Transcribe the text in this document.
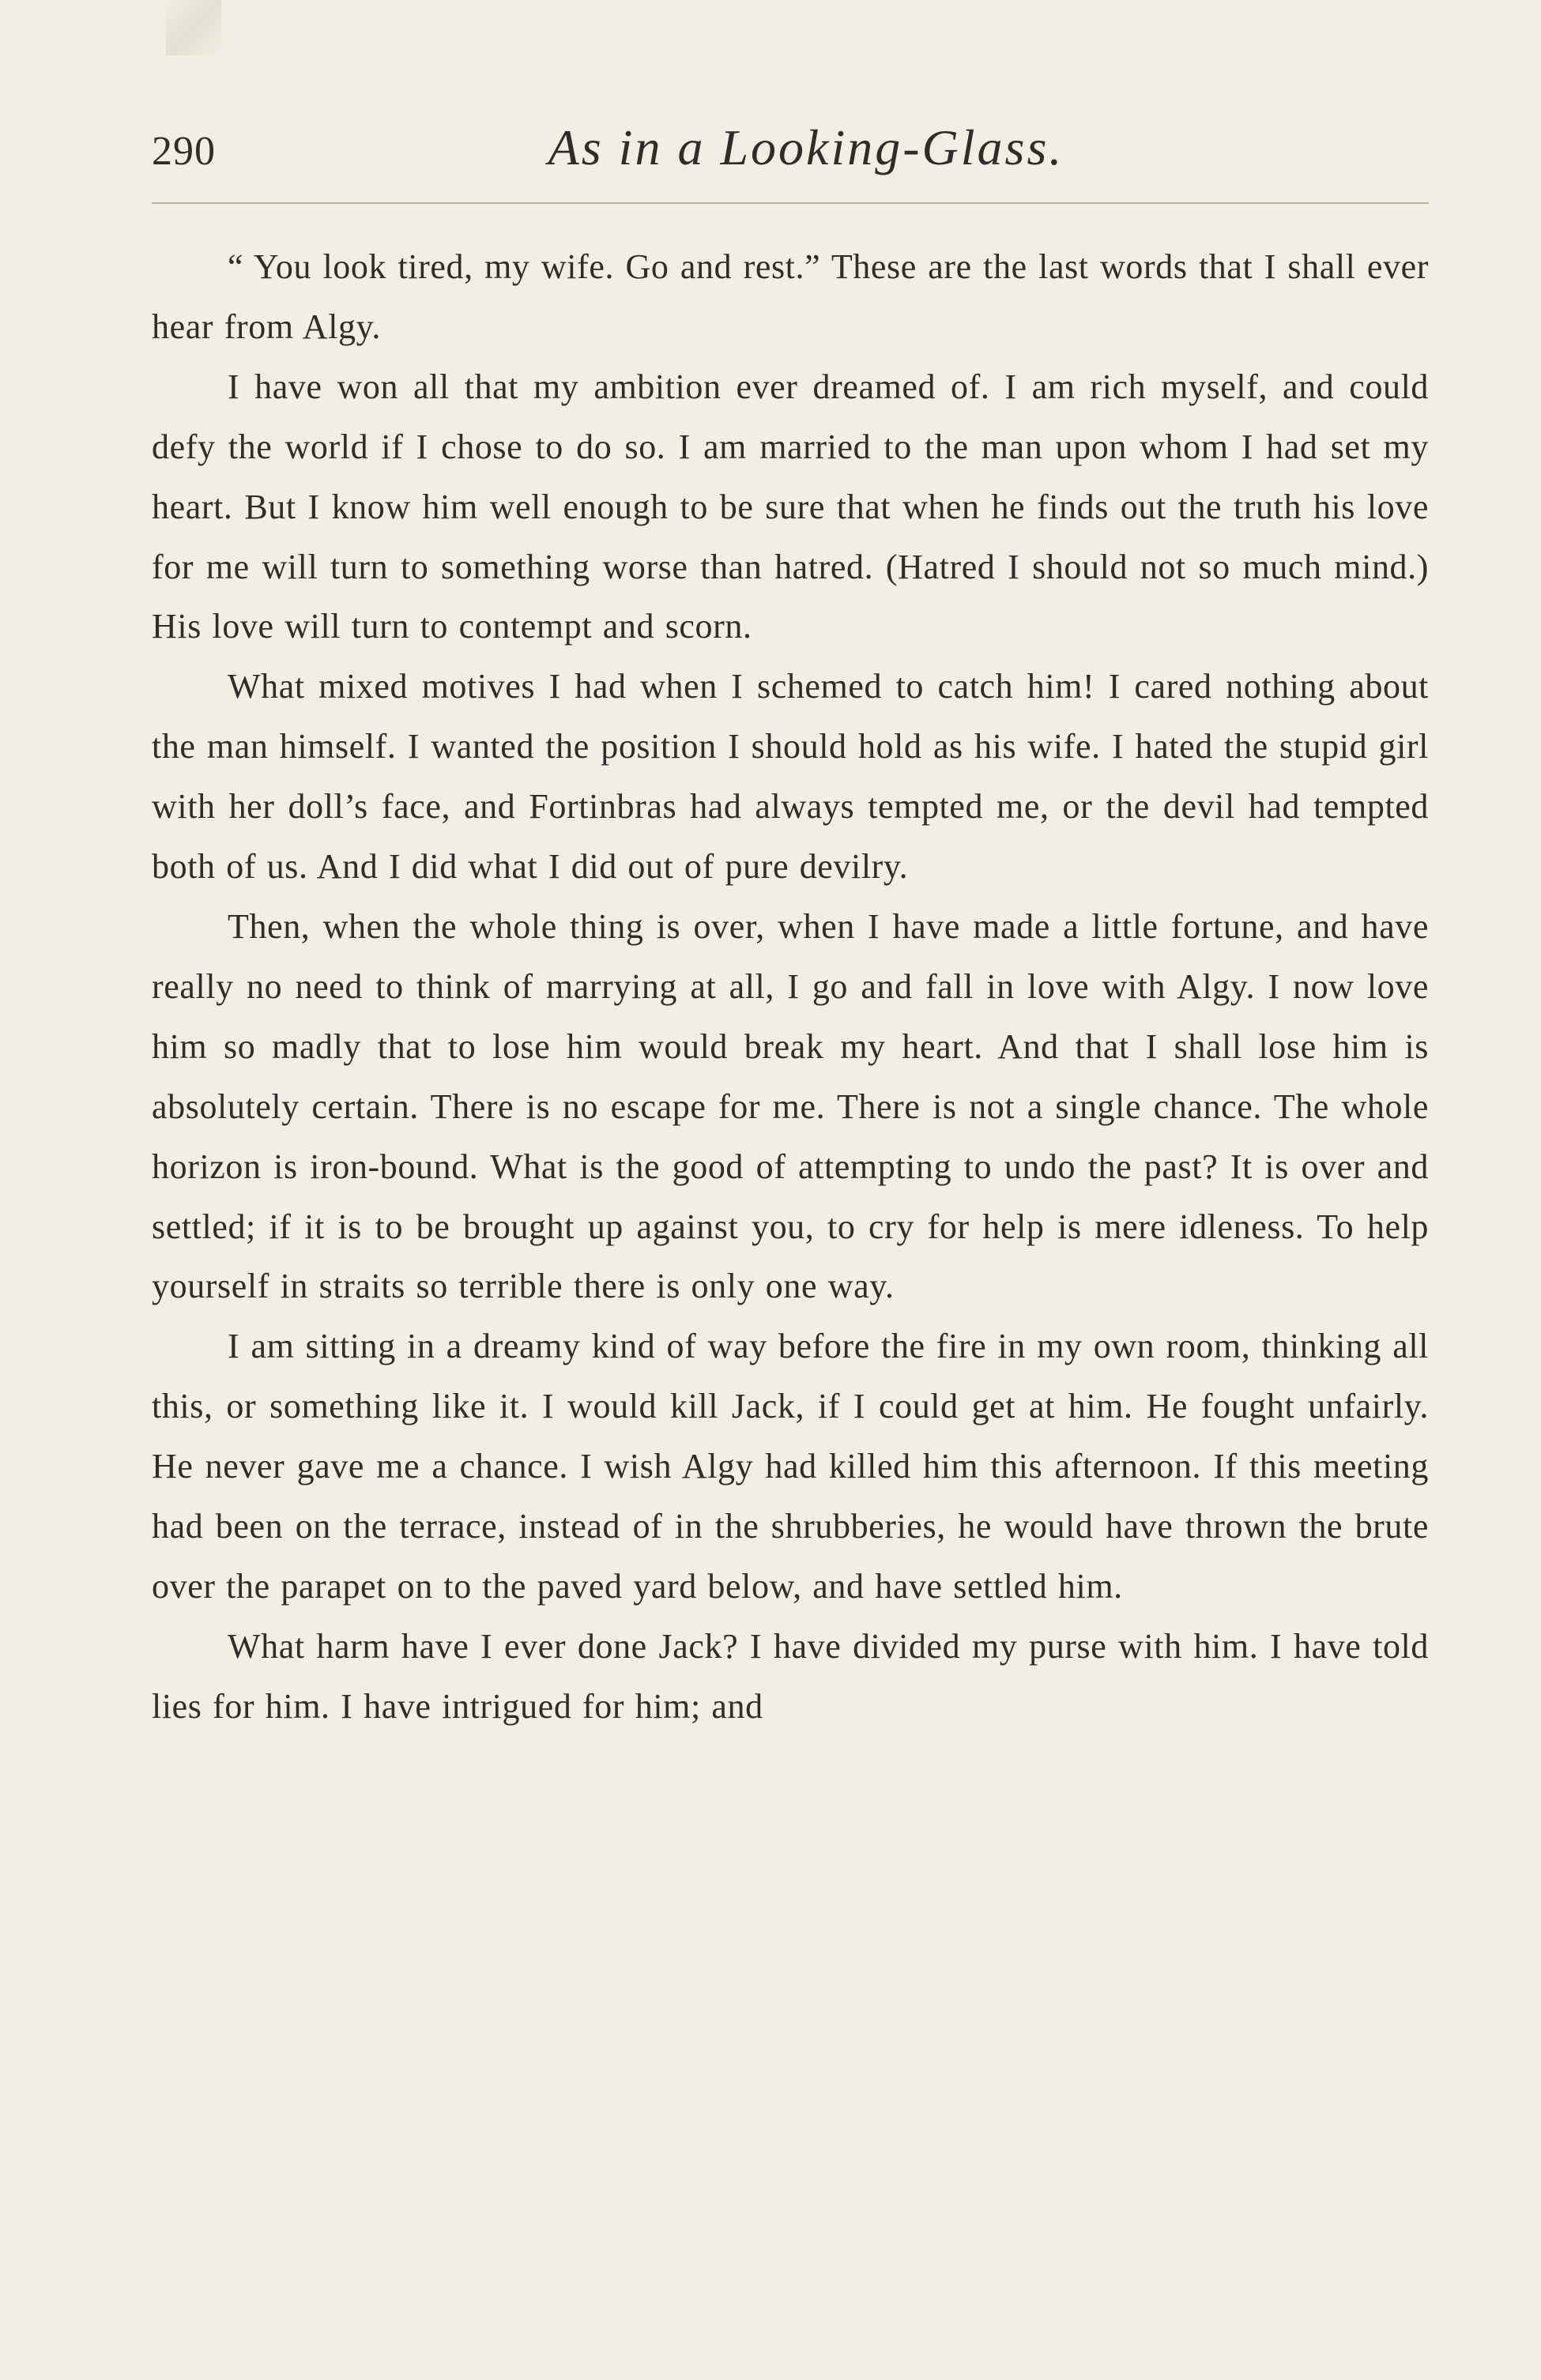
290	As in a Looking-Glass.

“ You look tired, my wife. Go and rest.” These are the last words that I shall ever hear from Algy.

I have won all that my ambition ever dreamed of. I am rich myself, and could defy the world if I chose to do so. I am married to the man upon whom I had set my heart. But I know him well enough to be sure that when he finds out the truth his love for me will turn to something worse than hatred. (Hatred I should not so much mind.) His love will turn to contempt and scorn.

What mixed motives I had when I schemed to catch him! I cared nothing about the man himself. I wanted the position I should hold as his wife. I hated the stupid girl with her doll’s face, and Fortinbras had always tempted me, or the devil had tempted both of us. And I did what I did out of pure devilry.

Then, when the whole thing is over, when I have made a little fortune, and have really no need to think of marrying at all, I go and fall in love with Algy. I now love him so madly that to lose him would break my heart. And that I shall lose him is absolutely certain. There is no escape for me. There is not a single chance. The whole horizon is iron-bound. What is the good of attempting to undo the past? It is over and settled; if it is to be brought up against you, to cry for help is mere idleness. To help yourself in straits so terrible there is only one way.

I am sitting in a dreamy kind of way before the fire in my own room, thinking all this, or something like it. I would kill Jack, if I could get at him. He fought unfairly. He never gave me a chance. I wish Algy had killed him this afternoon. If this meeting had been on the terrace, instead of in the shrubberies, he would have thrown the brute over the parapet on to the paved yard below, and have settled him.

What harm have I ever done Jack? I have divided my purse with him. I have told lies for him. I have intrigued for him; and
